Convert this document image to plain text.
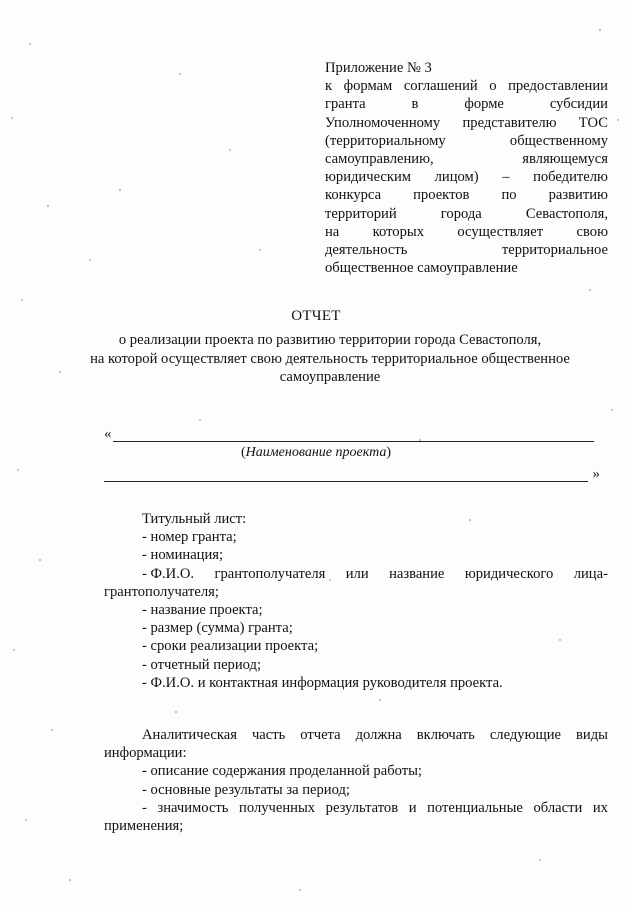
Приложение № 3
к формам соглашений о предоставлении
гранта	в	форме	субсидии
Уполномоченному представителю ТОС
(территориальному	общественному
самоуправлению,	являющемуся
юридическим лицом) – победителю
конкурса проектов по развитию
территорий	города	Севастополя,
на которых осуществляет свою
деятельность	территориальное
общественное самоуправление
ОТЧЕТ
о реализации проекта по развитию территории города Севастополя,
на которой осуществляет свою деятельность территориальное общественное
самоуправление
«
(Наименование проекта)
»
Титульный лист:
- номер гранта;
- номинация;
- Ф.И.О. грантополучателя или название юридического лица-
грантополучателя;
- название проекта;
- размер (сумма) гранта;
- сроки реализации проекта;
- отчетный период;
- Ф.И.О. и контактная информация руководителя проекта.
Аналитическая часть отчета должна включать следующие виды
информации:
- описание содержания проделанной работы;
- основные результаты за период;
- значимость полученных результатов и потенциальные области их
применения;
